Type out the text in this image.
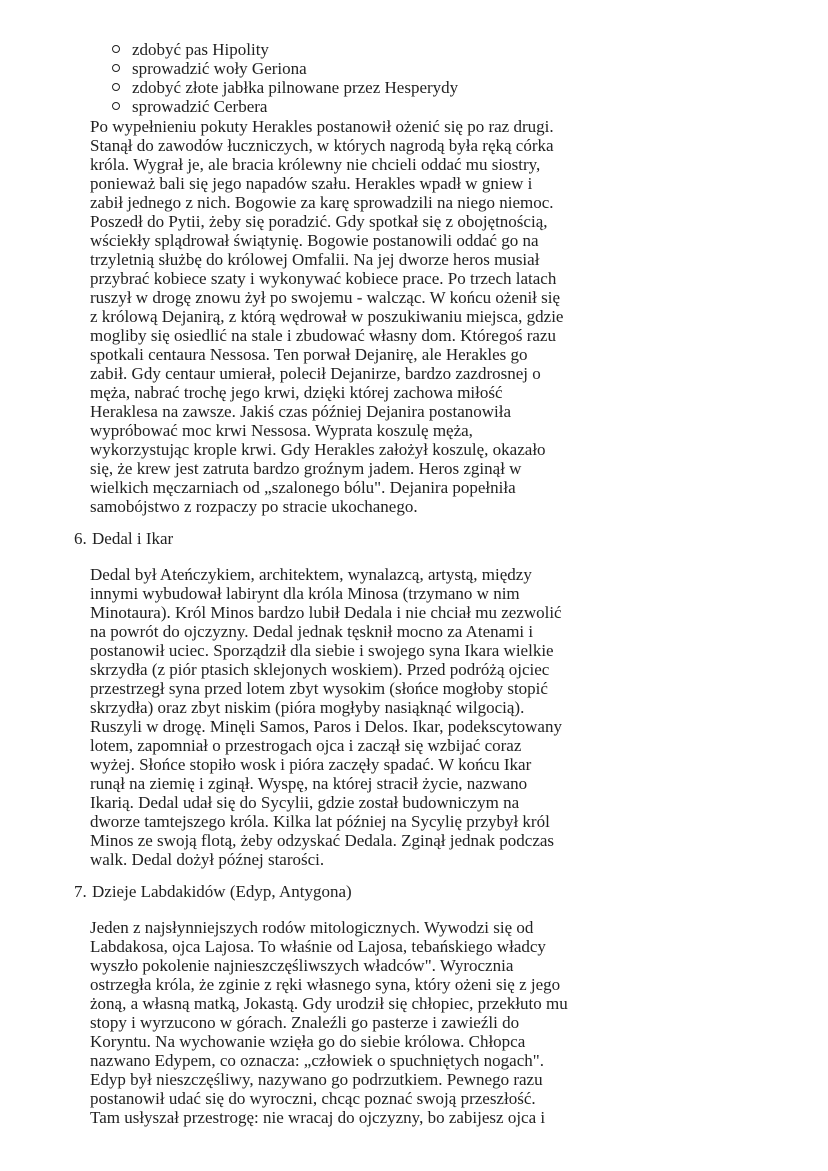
zdobyć pas Hipolity
sprowadzić woły Geriona
zdobyć złote jabłka pilnowane przez Hesperydy
sprowadzić Cerbera

Po wypełnieniu pokuty Herakles postanowił ożenić się po raz drugi.

Stanął do zawodów łuczniczych, w których nagrodą była ręką córka

króla. Wygrał je, ale bracia królewny nie chcieli oddać mu siostry,

ponieważ bali się jego napadów szału. Herakles wpadł w gniew i

zabił jednego z nich. Bogowie za karę sprowadzili na niego niemoc.

Poszedł do Pytii, żeby się poradzić. Gdy spotkał się z obojętnością,

wściekły splądrował świątynię. Bogowie postanowili oddać go na

trzyletnią służbę do królowej Omfalii. Na jej dworze heros musiał

przybrać kobiece szaty i wykonywać kobiece prace. Po trzech latach

ruszył w drogę znowu żył po swojemu - walcząc. W końcu ożenił się

z królową Dejanirą, z którą wędrował w poszukiwaniu miejsca, gdzie

mogliby się osiedlić na stale i zbudować własny dom. Któregoś razu

spotkali centaura Nessosa. Ten porwał Dejanirę, ale Herakles go

zabił. Gdy centaur umierał, polecił Dejanirze, bardzo zazdrosnej o

męża, nabrać trochę jego krwi, dzięki której zachowa miłość

Heraklesa na zawsze. Jakiś czas później Dejanira postanowiła

wypróbować moc krwi Nessosa. Wyprata koszulę męża,

wykorzystując krople krwi. Gdy Herakles założył koszulę, okazało

się, że krew jest zatruta bardzo groźnym jadem. Heros zginął w

wielkich męczarniach od „szalonego bólu". Dejanira popełniła

samobójstwo z rozpaczy po stracie ukochanego.

6. Dedal i Ikar

Dedal był Ateńczykiem, architektem, wynalazcą, artystą, między

innymi wybudował labirynt dla króla Minosa (trzymano w nim

Minotaura). Król Minos bardzo lubił Dedala i nie chciał mu zezwolić

na powrót do ojczyzny. Dedal jednak tęsknił mocno za Atenami i

postanowił uciec. Sporządził dla siebie i swojego syna Ikara wielkie

skrzydła (z piór ptasich sklejonych woskiem). Przed podróżą ojciec

przestrzegł syna przed lotem zbyt wysokim (słońce mogłoby stopić

skrzydła) oraz zbyt niskim (pióra mogłyby nasiąknąć wilgocią).

Ruszyli w drogę. Minęli Samos, Paros i Delos. Ikar, podekscytowany

lotem, zapomniał o przestrogach ojca i zaczął się wzbijać coraz

wyżej. Słońce stopiło wosk i pióra zaczęły spadać. W końcu Ikar

runął na ziemię i zginął. Wyspę, na której stracił życie, nazwano

Ikarią. Dedal udał się do Sycylii, gdzie został budowniczym na

dworze tamtejszego króla. Kilka lat później na Sycylię przybył król

Minos ze swoją flotą, żeby odzyskać Dedala. Zginął jednak podczas

walk. Dedal dożył późnej starości.

7. Dzieje Labdakidów (Edyp, Antygona)

Jeden z najsłynniejszych rodów mitologicznych. Wywodzi się od

Labdakosa, ojca Lajosa. To właśnie od Lajosa, tebańskiego władcy

wyszło pokolenie najnieszczęśliwszych władców". Wyrocznia

ostrzegła króla, że zginie z ręki własnego syna, który ożeni się z jego

żoną, a własną matką, Jokastą. Gdy urodził się chłopiec, przekłuto mu

stopy i wyrzucono w górach. Znaleźli go pasterze i zawieźli do

Koryntu. Na wychowanie wzięła go do siebie królowa. Chłopca

nazwano Edypem, co oznacza: „człowiek o spuchniętych nogach".

Edyp był nieszczęśliwy, nazywano go podrzutkiem. Pewnego razu

postanowił udać się do wyroczni, chcąc poznać swoją przeszłość.

Tam usłyszał przestrogę: nie wracaj do ojczyzny, bo zabijesz ojca i
